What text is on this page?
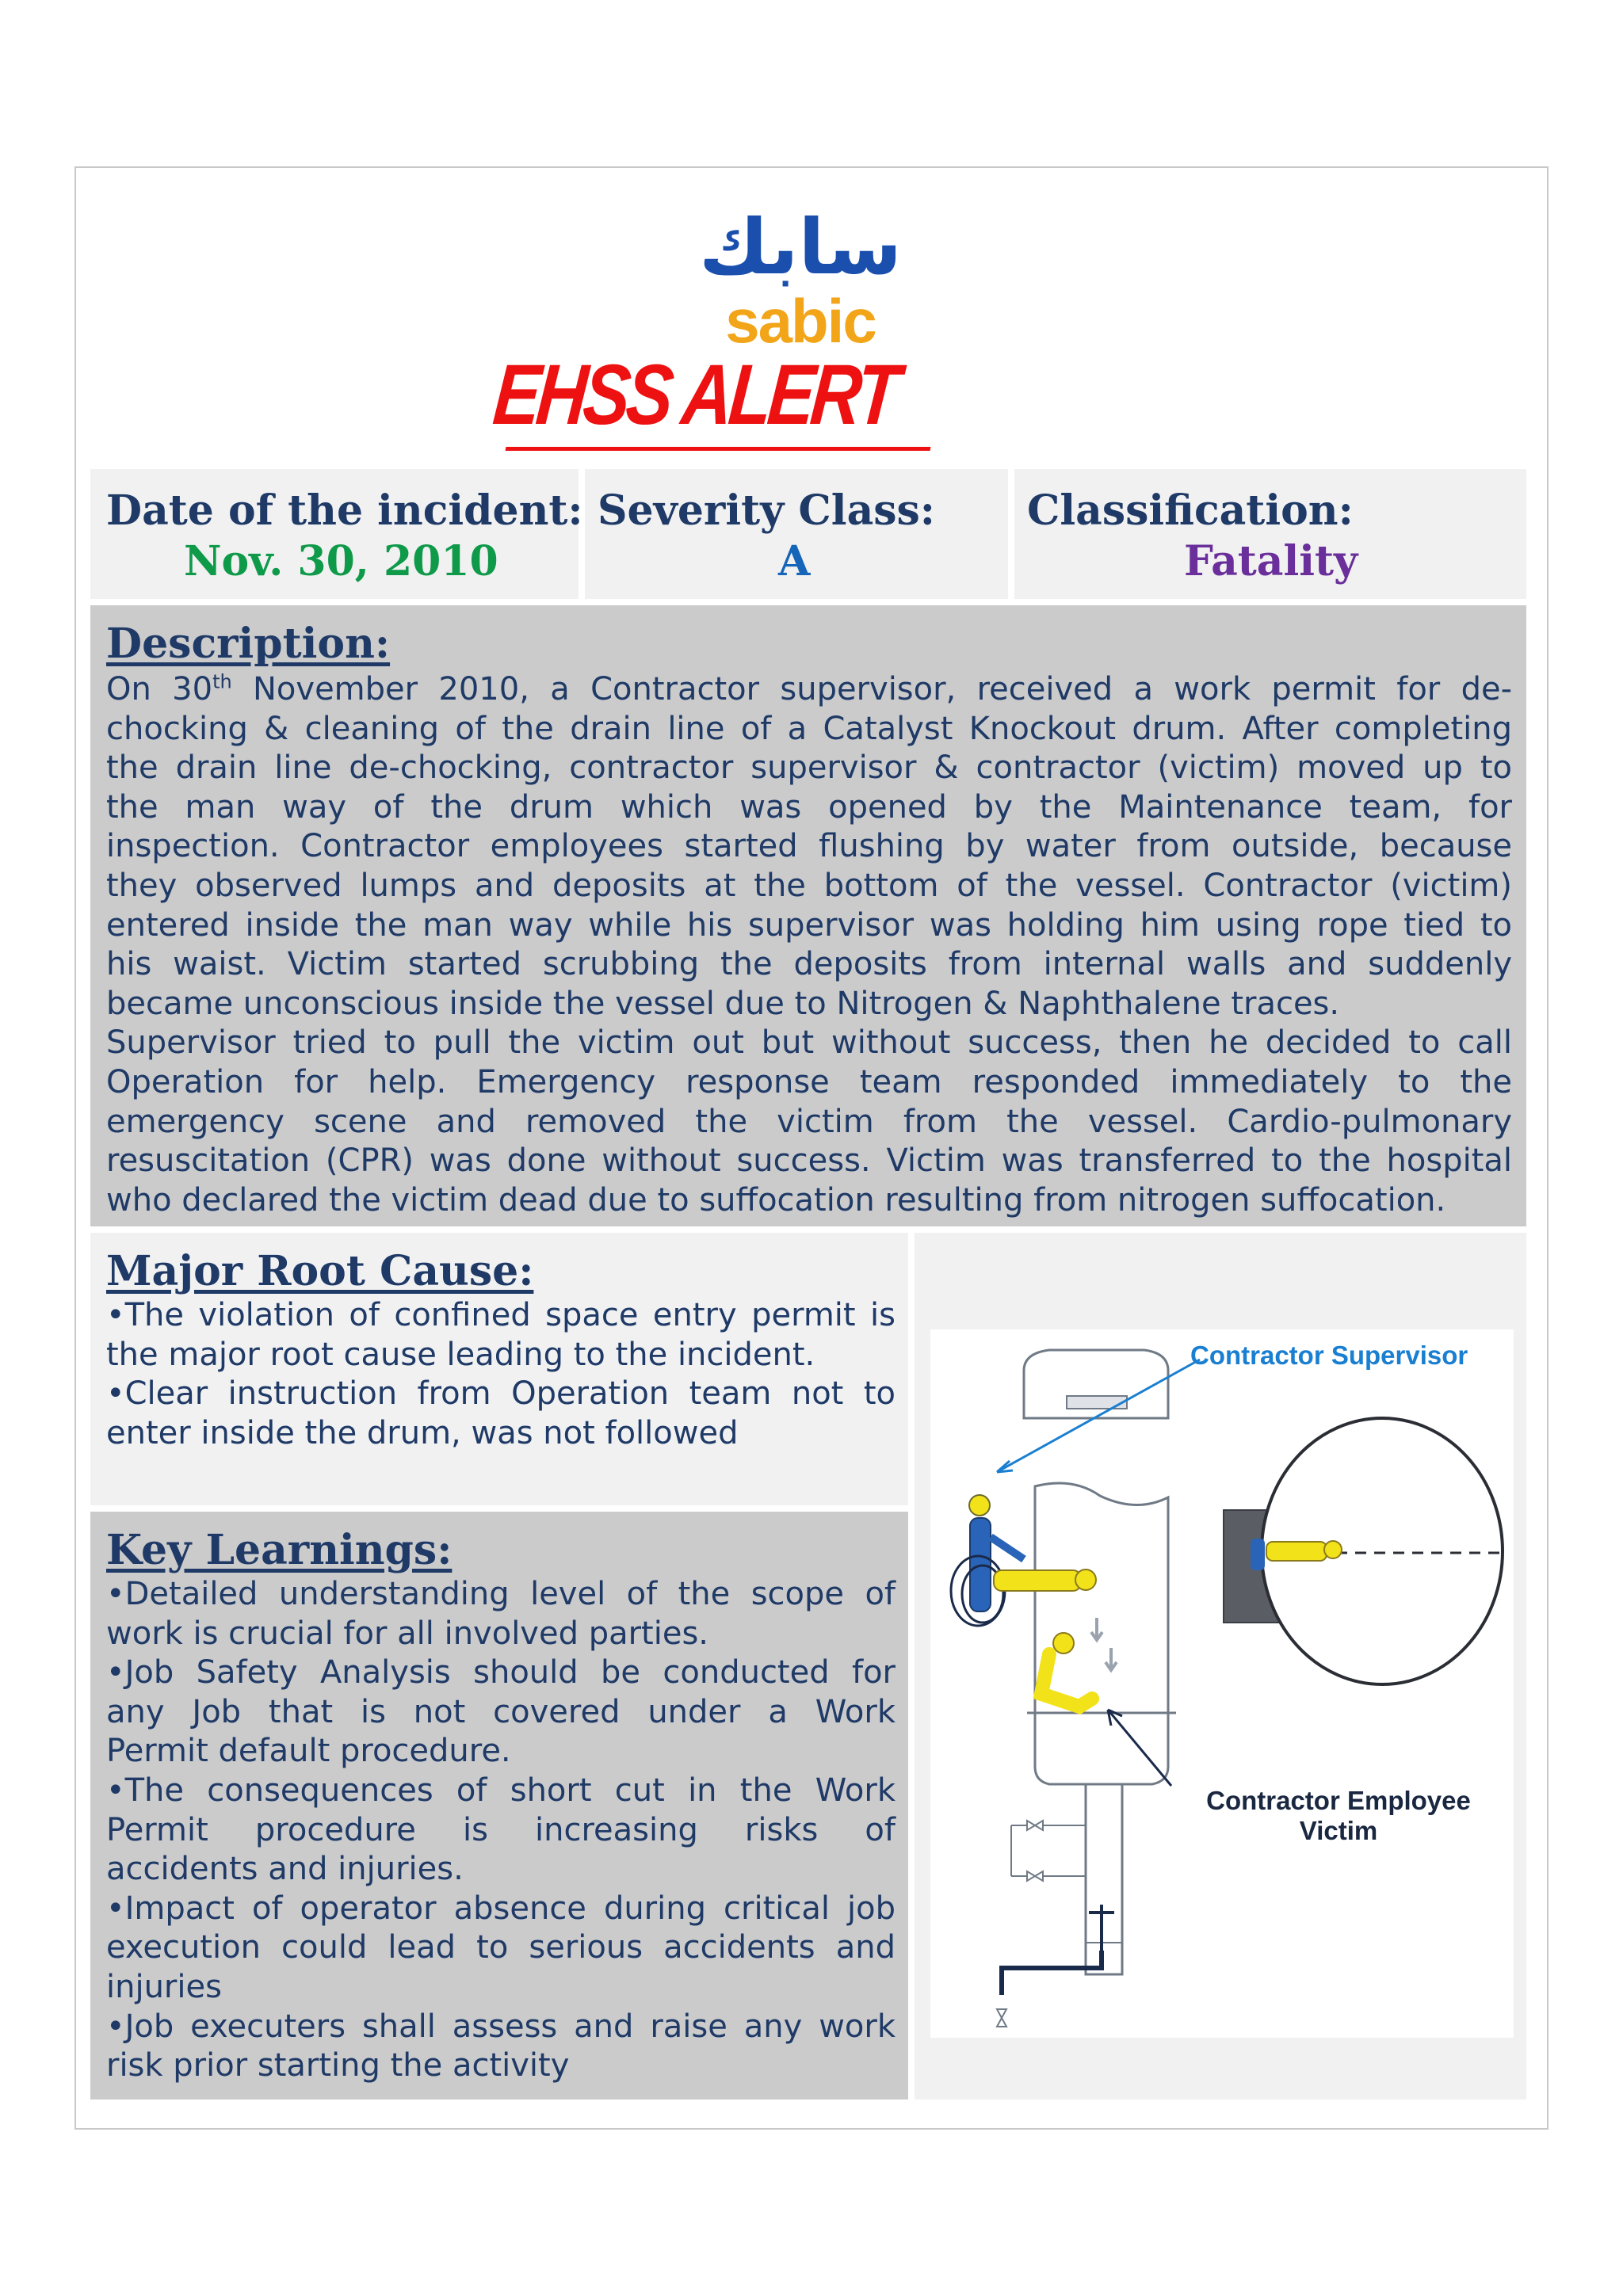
سابك
sabic
EHSS ALERT
Date of the incident:
Nov. 30, 2010
Severity Class:
A
Classification:
Fatality
Description:
On 30th November 2010, a Contractor supervisor, received a work permit for de-
chocking & cleaning of the drain line of a Catalyst Knockout drum. After completing
the drain line de-chocking, contractor supervisor & contractor (victim) moved up to
the man way of the drum which was opened by the Maintenance team, for
inspection. Contractor employees started flushing by water from outside, because
they observed lumps and deposits at the bottom of the vessel. Contractor (victim)
entered inside the man way while his supervisor was holding him using rope tied to
his waist. Victim started scrubbing the deposits from internal walls and suddenly
became unconscious inside the vessel due to Nitrogen & Naphthalene traces.
Supervisor tried to pull the victim out but without success, then he decided to call
Operation for help. Emergency response team responded immediately to the
emergency scene and removed the victim from the vessel. Cardio-pulmonary
resuscitation (CPR) was done without success. Victim was transferred to the hospital
who declared the victim dead due to suffocation resulting from nitrogen suffocation.
Major Root Cause:
•The violation of confined space entry permit is
the major root cause leading to the incident.
•Clear instruction from Operation team not to
enter inside the drum, was not followed
Key Learnings:
•Detailed understanding level of the scope of
work is crucial for all involved parties.
•Job Safety Analysis should be conducted for
any Job that is not covered under a Work
Permit default procedure.
•The consequences of short cut in the Work
Permit procedure is increasing risks of
accidents and injuries.
•Impact of operator absence during critical job
execution could lead to serious accidents and
injuries
•Job executers shall assess and raise any work
risk prior starting the activity
Contractor Supervisor
Contractor Employee
Victim
